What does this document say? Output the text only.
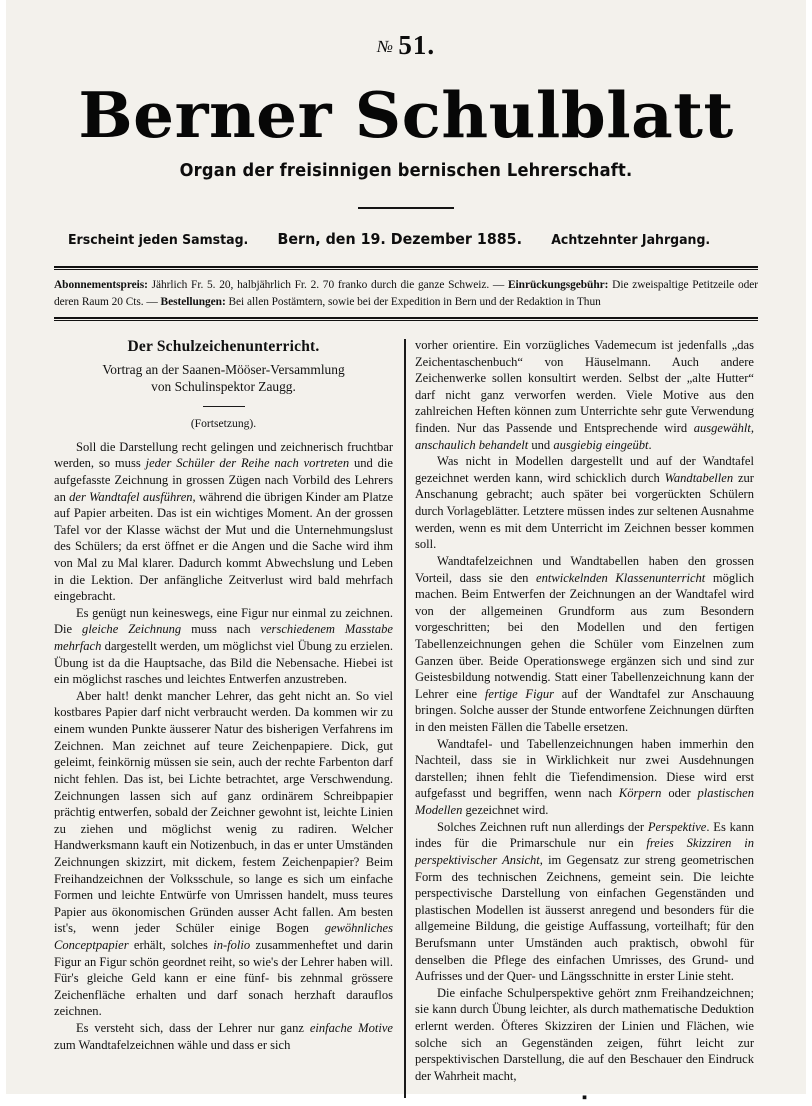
№ 51.
Berner Schulblatt
Organ der freisinnigen bernischen Lehrerschaft.
Erscheint jeden Samstag.	Bern, den 19. Dezember 1885.	Achtzehnter Jahrgang.
Abonnementspreis: Jährlich Fr. 5. 20, halbjährlich Fr. 2. 70 franko durch die ganze Schweiz. — Einrückungsgebühr: Die zweispaltige Petitzeile oder deren Raum 20 Cts. — Bestellungen: Bei allen Postämtern, sowie bei der Expedition in Bern und der Redaktion in Thun
Der Schulzeichenunterricht.
Vortrag an der Saanen-Mööser-Versammlung
von Schulinspektor Zaugg.
(Fortsetzung).

Soll die Darstellung recht gelingen und zeichnerisch fruchtbar werden, so muss jeder Schüler der Reihe nach vortreten und die aufgefasste Zeichnung in grossen Zügen nach Vorbild des Lehrers an der Wandtafel ausführen, während die übrigen Kinder am Platze auf Papier arbeiten. Das ist ein wichtiges Moment. An der grossen Tafel vor der Klasse wächst der Mut und die Unternehmungslust des Schülers; da erst öffnet er die Angen und die Sache wird ihm von Mal zu Mal klarer. Dadurch kommt Abwechslung und Leben in die Lektion. Der anfängliche Zeitverlust wird bald mehrfach eingebracht.

Es genügt nun keineswegs, eine Figur nur einmal zu zeichnen. Die gleiche Zeichnung muss nach verschiedenem Masstabe mehrfach dargestellt werden, um möglichst viel Übung zu erzielen. Übung ist da die Hauptsache, das Bild die Nebensache. Hiebei ist ein möglichst rasches und leichtes Entwerfen anzustreben.

Aber halt! denkt mancher Lehrer, das geht nicht an. So viel kostbares Papier darf nicht verbraucht werden. Da kommen wir zu einem wunden Punkte äusserer Natur des bisherigen Verfahrens im Zeichnen. Man zeichnet auf teure Zeichenpapiere. Dick, gut geleimt, feinkörnig müssen sie sein, auch der rechte Farbenton darf nicht fehlen. Das ist, bei Lichte betrachtet, arge Verschwendung. Zeichnungen lassen sich auf ganz ordinärem Schreibpapier prächtig entwerfen, sobald der Zeichner gewohnt ist, leichte Linien zu ziehen und möglichst wenig zu radiren. Welcher Handwerksmann kauft ein Notizenbuch, in das er unter Umständen Zeichnungen skizzirt, mit dickem, festem Zeichenpapier? Beim Freihandzeichnen der Volksschule, so lange es sich um einfache Formen und leichte Entwürfe von Umrissen handelt, muss teures Papier aus ökonomischen Gründen ausser Acht fallen. Am besten ist's, wenn jeder Schüler einige Bogen gewöhnliches Conceptpapier erhält, solches in-folio zusammenheftet und darin Figur an Figur schön geordnet reiht, so wie's der Lehrer haben will. Für's gleiche Geld kann er eine fünf- bis zehnmal grössere Zeichenfläche erhalten und darf sonach herzhaft darauflos zeichnen.

Es versteht sich, dass der Lehrer nur ganz einfache Motive zum Wandtafelzeichnen wähle und dass er sich

vorher orientire. Ein vorzügliches Vademecum ist jedenfalls „das Zeichentaschenbuch“ von Häuselmann. Auch andere Zeichenwerke sollen konsultirt werden. Selbst der „alte Hutter“ darf nicht ganz verworfen werden. Viele Motive aus den zahlreichen Heften können zum Unterrichte sehr gute Verwendung finden. Nur das Passende und Entsprechende wird ausgewählt, anschaulich behandelt und ausgiebig eingeübt.

Was nicht in Modellen dargestellt und auf der Wandtafel gezeichnet werden kann, wird schicklich durch Wandtabellen zur Anschanung gebracht; auch später bei vorgerückten Schülern durch Vorlageblätter. Letztere müssen indes zur seltenen Ausnahme werden, wenn es mit dem Unterricht im Zeichnen besser kommen soll.

Wandtafelzeichnen und Wandtabellen haben den grossen Vorteil, dass sie den entwickelnden Klassenunterricht möglich machen. Beim Entwerfen der Zeichnungen an der Wandtafel wird von der allgemeinen Grundform aus zum Besondern vorgeschritten; bei den Modellen und den fertigen Tabellenzeichnungen gehen die Schüler vom Einzelnen zum Ganzen über. Beide Operationswege ergänzen sich und sind zur Geistesbildung notwendig. Statt einer Tabellenzeichnung kann der Lehrer eine fertige Figur auf der Wandtafel zur Anschauung bringen. Solche ausser der Stunde entworfene Zeichnungen dürften in den meisten Fällen die Tabelle ersetzen.

Wandtafel- und Tabellenzeichnungen haben immerhin den Nachteil, dass sie in Wirklichkeit nur zwei Ausdehnungen darstellen; ihnen fehlt die Tiefendimension. Diese wird erst aufgefasst und begriffen, wenn nach Körpern oder plastischen Modellen gezeichnet wird.

Solches Zeichnen ruft nun allerdings der Perspektive. Es kann indes für die Primarschule nur ein freies Skizziren in perspektivischer Ansicht, im Gegensatz zur streng geometrischen Form des technischen Zeichnens, gemeint sein. Die leichte perspectivische Darstellung von einfachen Gegenständen und plastischen Modellen ist äusserst anregend und besonders für die allgemeine Bildung, die geistige Auffassung, vorteilhaft; für den Berufsmann unter Umständen auch praktisch, obwohl für denselben die Pflege des einfachen Umrisses, des Grund- und Aufrisses und der Quer- und Längsschnitte in erster Linie steht.

Die einfache Schulperspektive gehört znm Freihandzeichnen; sie kann durch Übung leichter, als durch mathematische Deduktion erlernt werden. Öfteres Skizziren der Linien und Flächen, wie solche sich an Gegenständen zeigen, führt leicht zur perspektivischen Darstellung, die auf den Beschauer den Eindruck der Wahrheit macht,

▪
